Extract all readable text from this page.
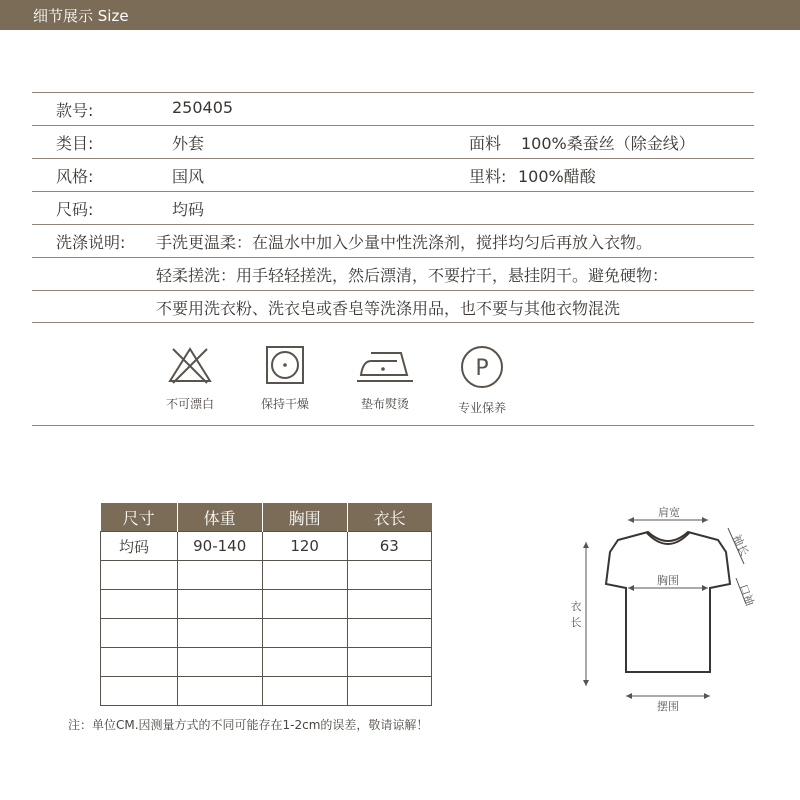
细节展示 Size
款号:	250405
类目:	外套	面料 100%桑蚕丝（除金线）
风格:	国风	里料: 100%醋酸
尺码:	均码
洗涤说明: 手洗更温柔：在温水中加入少量中性洗涤剂，搅拌均匀后再放入衣物。
轻柔搓洗：用手轻轻搓洗，然后漂清，不要拧干，悬挂阴干。避免硬物：
不要用洗衣粉、洗衣皂或香皂等洗涤用品，也不要与其他衣物混洗
不可漂白	保持干燥	垫布熨烫
P
专业保养
尺寸	体重	胸围	衣长
均码	90-140	120	63

肩宽
袖长
口袖
胸围
衣
长
摆围
注：单位CM.因测量方式的不同可能存在1-2cm的误差，敬请谅解！
